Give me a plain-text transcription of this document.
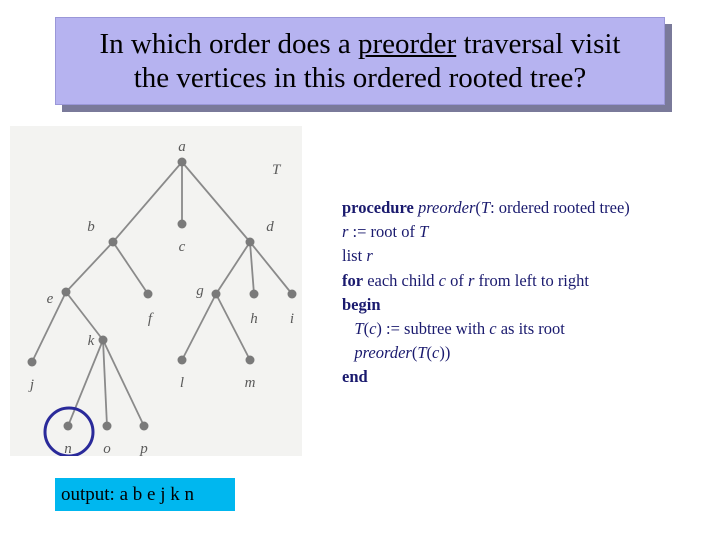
In which order does a preorder traversal visit
the vertices in this ordered rooted tree?
T
a
b
c
d
e
f
g
h i
j
k
l	m
n o p
procedure preorder(T: ordered rooted tree)
r := root of T
list r
for each child c of r from left to right
begin
T(c) := subtree with c as its root
preorder(T(c))
end
output: a b e j k n
